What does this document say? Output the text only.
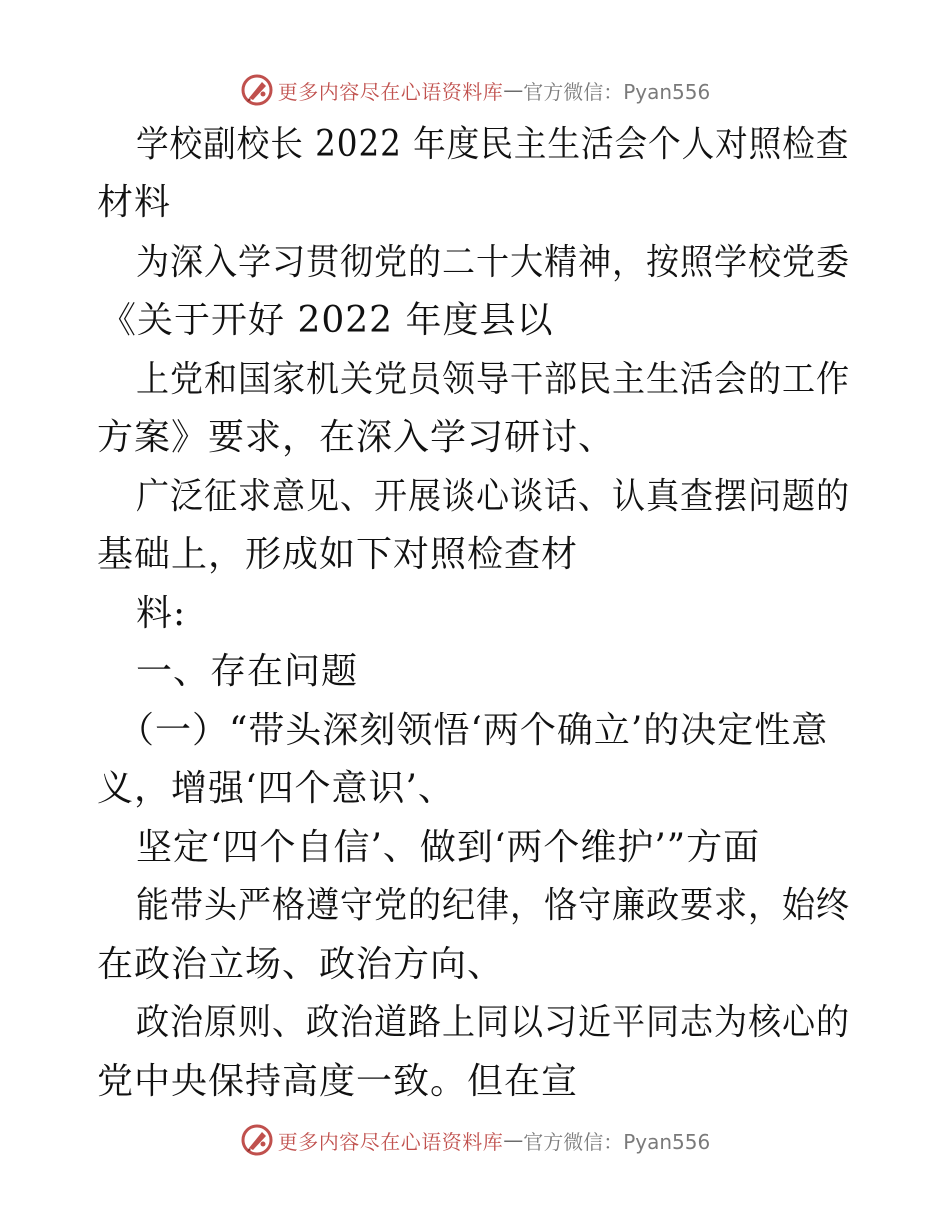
更多内容尽在心语资料库 — 官方微信：Pyan556
学校副校长 2022 年度民主生活会个人对照检查
材料
为深入学习贯彻党的二十大精神，按照学校党委
《关于开好 2022 年度县以
上党和国家机关党员领导干部民主生活会的工作
方案》要求，在深入学习研讨、
广泛征求意见、开展谈心谈话、认真查摆问题的
基础上，形成如下对照检查材
料:
一、存在问题
（一）“带头深刻领悟‘两个确立’的决定性意
义，增强‘四个意识’、
坚定‘四个自信’、做到‘两个维护’”方面
能带头严格遵守党的纪律，恪守廉政要求，始终
在政治立场、政治方向、
政治原则、政治道路上同以习近平同志为核心的
党中央保持高度一致。但在宣
更多内容尽在心语资料库 — 官方微信：Pyan556
